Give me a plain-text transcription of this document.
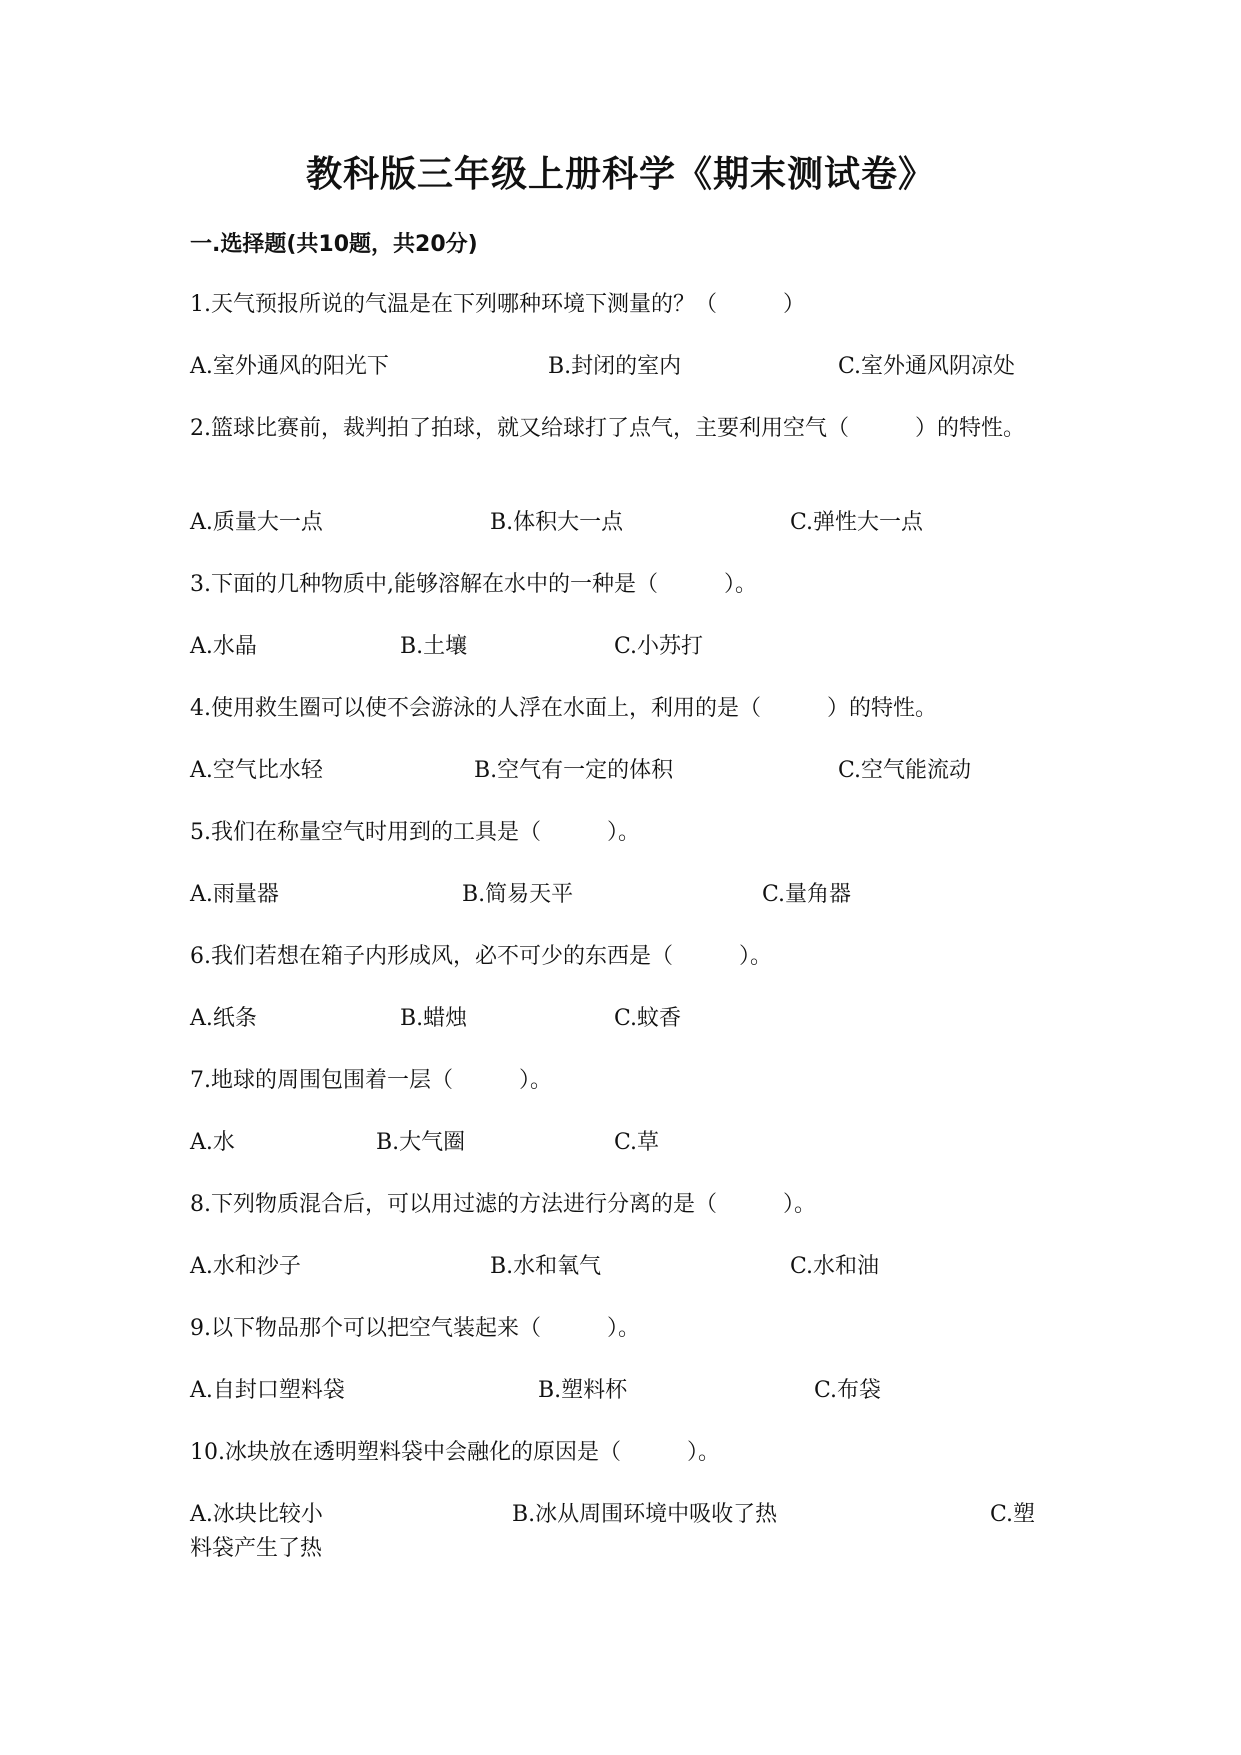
教科版三年级上册科学《期末测试卷》
一.选择题(共10题，共20分)
1.天气预报所说的气温是在下列哪种环境下测量的？（　　　）
A.室外通风的阳光下	B.封闭的室内	C.室外通风阴凉处
2.篮球比赛前，裁判拍了拍球，就又给球打了点气，主要利用空气（　　　）的特性。
A.质量大一点	B.体积大一点	C.弹性大一点
3.下面的几种物质中,能够溶解在水中的一种是（　　　）。
A.水晶	B.土壤	C.小苏打
4.使用救生圈可以使不会游泳的人浮在水面上，利用的是（　　　）的特性。
A.空气比水轻	B.空气有一定的体积	C.空气能流动
5.我们在称量空气时用到的工具是（　　　）。
A.雨量器	B.简易天平	C.量角器
6.我们若想在箱子内形成风，必不可少的东西是（　　　）。
A.纸条	B.蜡烛	C.蚊香
7.地球的周围包围着一层（　　　）。
A.水	B.大气圈	C.草
8.下列物质混合后，可以用过滤的方法进行分离的是（　　　）。
A.水和沙子	B.水和氧气	C.水和油
9.以下物品那个可以把空气装起来（　　　）。
A.自封口塑料袋	B.塑料杯	C.布袋
10.冰块放在透明塑料袋中会融化的原因是（　　　）。
A.冰块比较小	B.冰从周围环境中吸收了热	C.塑
料袋产生了热
